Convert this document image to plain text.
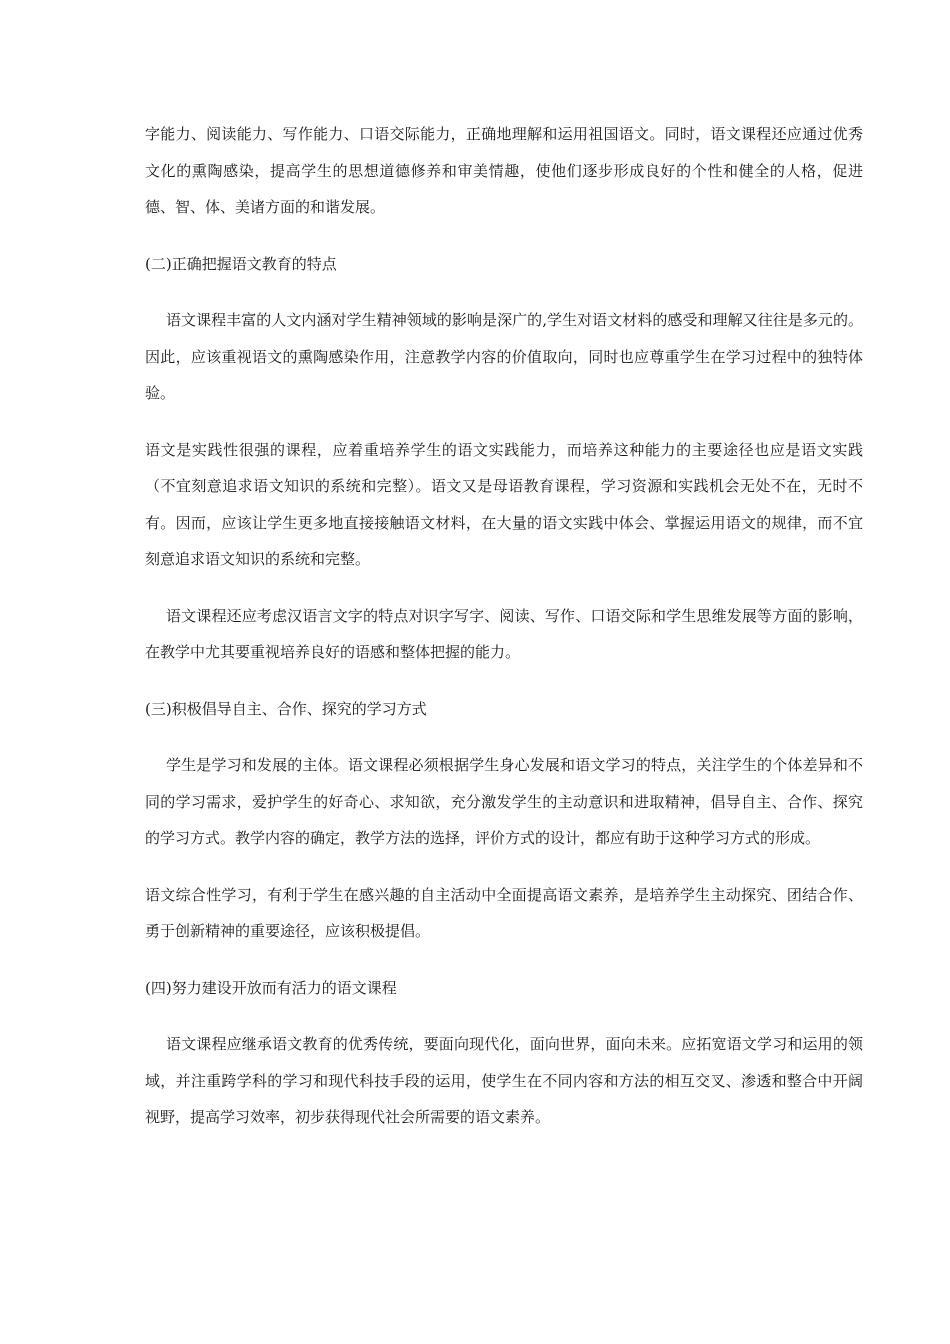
字能力、阅读能力、写作能力、口语交际能力，正确地理解和运用祖国语文。同时，语文课程还应通过优秀文化的熏陶感染，提高学生的思想道德修养和审美情趣，使他们逐步形成良好的个性和健全的人格，促进德、智、体、美诸方面的和谐发展。

(二)正确把握语文教育的特点

语文课程丰富的人文内涵对学生精神领域的影响是深广的,学生对语文材料的感受和理解又往往是多元的。因此，应该重视语文的熏陶感染作用，注意教学内容的价值取向，同时也应尊重学生在学习过程中的独特体验。

语文是实践性很强的课程，应着重培养学生的语文实践能力，而培养这种能力的主要途径也应是语文实践（不宜刻意追求语文知识的系统和完整）。语文又是母语教育课程，学习资源和实践机会无处不在，无时不有。因而，应该让学生更多地直接接触语文材料，在大量的语文实践中体会、掌握运用语文的规律，而不宜刻意追求语文知识的系统和完整。

语文课程还应考虑汉语言文字的特点对识字写字、阅读、写作、口语交际和学生思维发展等方面的影响，在教学中尤其要重视培养良好的语感和整体把握的能力。

(三)积极倡导自主、合作、探究的学习方式

学生是学习和发展的主体。语文课程必须根据学生身心发展和语文学习的特点，关注学生的个体差异和不同的学习需求，爱护学生的好奇心、求知欲，充分激发学生的主动意识和进取精神，倡导自主、合作、探究的学习方式。教学内容的确定，教学方法的选择，评价方式的设计，都应有助于这种学习方式的形成。

语文综合性学习，有利于学生在感兴趣的自主活动中全面提高语文素养，是培养学生主动探究、团结合作、勇于创新精神的重要途径，应该积极提倡。

(四)努力建设开放而有活力的语文课程

语文课程应继承语文教育的优秀传统，要面向现代化，面向世界，面向未来。应拓宽语文学习和运用的领域，并注重跨学科的学习和现代科技手段的运用，使学生在不同内容和方法的相互交叉、渗透和整合中开阔视野，提高学习效率，初步获得现代社会所需要的语文素养。
